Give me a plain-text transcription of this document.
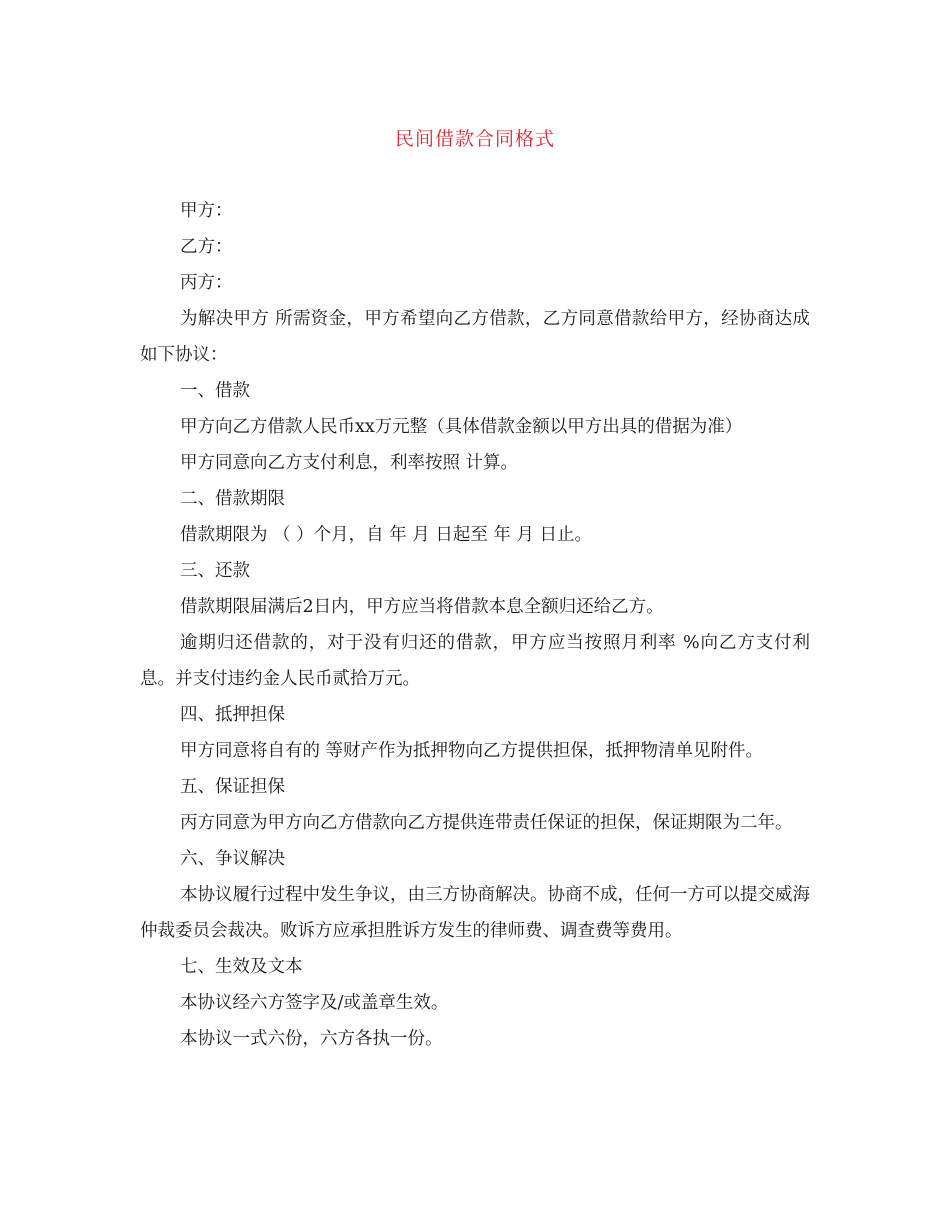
民间借款合同格式

甲方：

乙方：

丙方：

为解决甲方 所需资金，甲方希望向乙方借款，乙方同意借款给甲方，经协商达成如下协议：

一、借款

甲方向乙方借款人民币xx万元整（具体借款金额以甲方出具的借据为准）

甲方同意向乙方支付利息，利率按照 计算。

二、借款期限

借款期限为 （ ）个月，自 年 月 日起至 年 月 日止。

三、还款

借款期限届满后2日内，甲方应当将借款本息全额归还给乙方。

逾期归还借款的，对于没有归还的借款，甲方应当按照月利率 %向乙方支付利息。并支付违约金人民币贰拾万元。

四、抵押担保

甲方同意将自有的 等财产作为抵押物向乙方提供担保，抵押物清单见附件。

五、保证担保

丙方同意为甲方向乙方借款向乙方提供连带责任保证的担保，保证期限为二年。

六、争议解决

本协议履行过程中发生争议，由三方协商解决。协商不成，任何一方可以提交威海仲裁委员会裁决。败诉方应承担胜诉方发生的律师费、调查费等费用。

七、生效及文本

本协议经六方签字及/或盖章生效。

本协议一式六份，六方各执一份。
